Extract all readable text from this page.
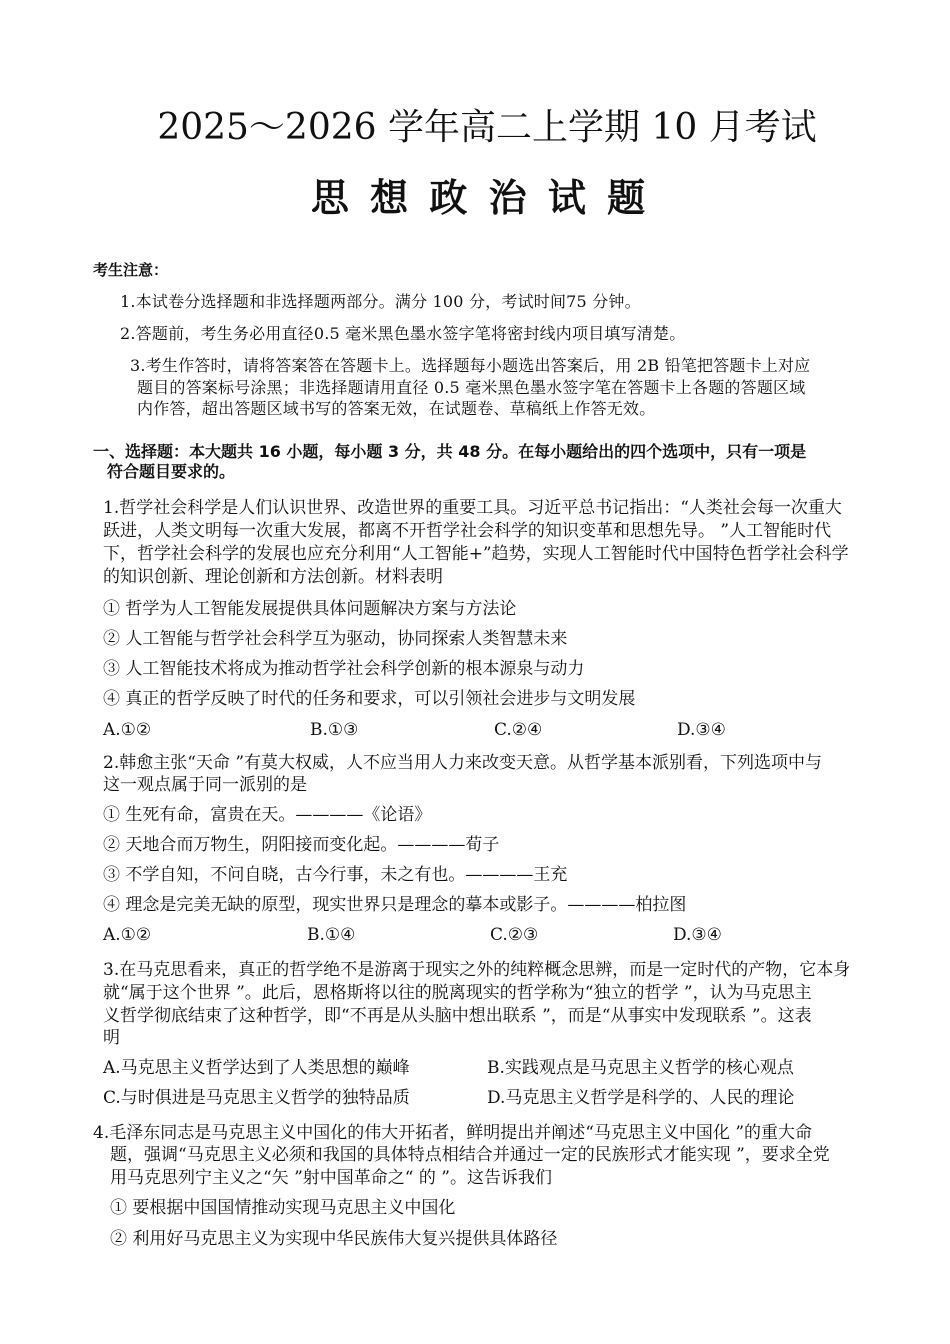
2025～2026 学年高二上学期 10 月考试
思 想 政 治 试 题
考生注意：
1.本试卷分选择题和非选择题两部分。满分 100 分，考试时间75 分钟。
2.答题前，考生务必用直径0.5 毫米黑色墨水签字笔将密封线内项目填写清楚。
3.考生作答时，请将答案答在答题卡上。选择题每小题选出答案后，用 2B 铅笔把答题卡上对应
题目的答案标号涂黑；非选择题请用直径 0.5 毫米黑色墨水签字笔在答题卡上各题的答题区域
内作答，超出答题区域书写的答案无效，在试题卷、草稿纸上作答无效。
一、选择题：本大题共 16 小题，每小题 3 分，共 48 分。在每小题给出的四个选项中，只有一项是
符合题目要求的。
1.哲学社会科学是人们认识世界、改造世界的重要工具。习近平总书记指出：“人类社会每一次重大
跃进，人类文明每一次重大发展，都离不开哲学社会科学的知识变革和思想先导。 ”人工智能时代
下，哲学社会科学的发展也应充分利用“人工智能+”趋势，实现人工智能时代中国特色哲学社会科学
的知识创新、理论创新和方法创新。材料表明
① 哲学为人工智能发展提供具体问题解决方案与方法论
② 人工智能与哲学社会科学互为驱动，协同探索人类智慧未来
③ 人工智能技术将成为推动哲学社会科学创新的根本源泉与动力
④ 真正的哲学反映了时代的任务和要求，可以引领社会进步与文明发展
A.①②	B.①③	C.②④	D.③④
2.韩愈主张“天命 ”有莫大权威，人不应当用人力来改变天意。从哲学基本派别看，下列选项中与
这一观点属于同一派别的是
① 生死有命，富贵在天。————《论语》
② 天地合而万物生，阴阳接而变化起。————荀子
③ 不学自知，不问自晓，古今行事，未之有也。————王充
④ 理念是完美无缺的原型，现实世界只是理念的摹本或影子。————柏拉图
A.①②	B.①④	C.②③	D.③④
3.在马克思看来，真正的哲学绝不是游离于现实之外的纯粹概念思辨，而是一定时代的产物，它本身
就“属于这个世界 ”。此后，恩格斯将以往的脱离现实的哲学称为“独立的哲学 ”，认为马克思主
义哲学彻底结束了这种哲学，即“不再是从头脑中想出联系 ”，而是“从事实中发现联系 ”。这表
明
A.马克思主义哲学达到了人类思想的巅峰	B.实践观点是马克思主义哲学的核心观点
C.与时俱进是马克思主义哲学的独特品质	D.马克思主义哲学是科学的、人民的理论
4.毛泽东同志是马克思主义中国化的伟大开拓者，鲜明提出并阐述“马克思主义中国化 ”的重大命
题，强调“马克思主义必须和我国的具体特点相结合并通过一定的民族形式才能实现 ”，要求全党
用马克思列宁主义之“矢 ”射中国革命之“ 的 ”。这告诉我们
① 要根据中国国情推动实现马克思主义中国化
② 利用好马克思主义为实现中华民族伟大复兴提供具体路径
